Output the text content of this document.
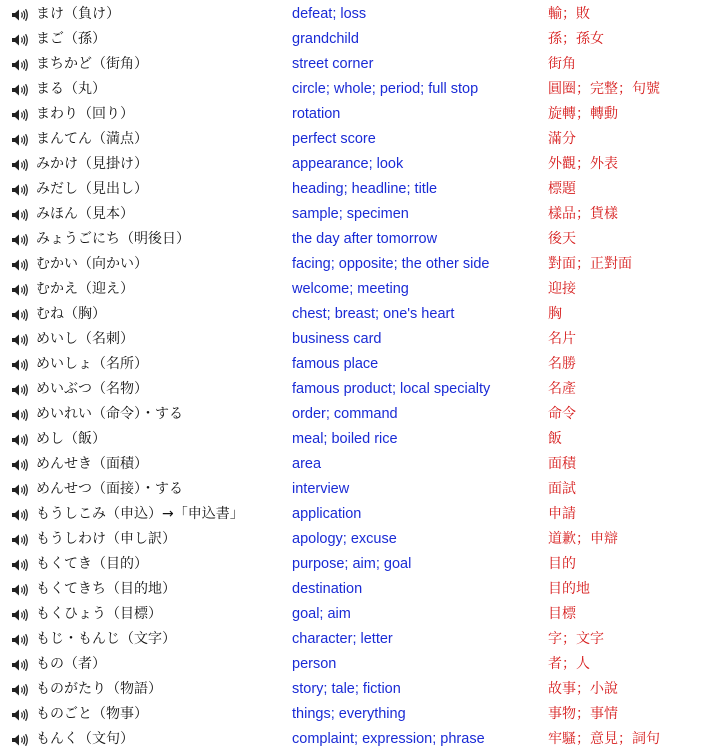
まけ（負け）	defeat; loss	輸；敗
まご（孫）	grandchild	孫；孫女
まちかど（街角）	street corner	街角
まる（丸）	circle; whole; period; full stop	圓圈；完整；句號
まわり（回り）	rotation	旋轉；轉動
まんてん（満点）	perfect score	滿分
みかけ（見掛け）	appearance; look	外觀；外表
みだし（見出し）	heading; headline; title	標題
みほん（見本）	sample; specimen	樣品；貨樣
みょうごにち（明後日）	the day after tomorrow	後天
むかい（向かい）	facing; opposite; the other side	對面；正對面
むかえ（迎え）	welcome; meeting	迎接
むね（胸）	chest; breast; one's heart	胸
めいし（名刺）	business card	名片
めいしょ（名所）	famous place	名勝
めいぶつ（名物）	famous product; local specialty	名產
めいれい（命令）・する	order; command	命令
めし（飯）	meal; boiled rice	飯
めんせき（面積）	area	面積
めんせつ（面接）・する	interview	面試
もうしこみ（申込）→「申込書」	application	申請
もうしわけ（申し訳）	apology; excuse	道歉；申辯
もくてき（目的）	purpose; aim; goal	目的
もくてきち（目的地）	destination	目的地
もくひょう（目標）	goal; aim	目標
もじ・もんじ（文字）	character; letter	字；文字
もの（者）	person	者；人
ものがたり（物語）	story; tale; fiction	故事；小說
ものごと（物事）	things; everything	事物；事情
もんく（文句）	complaint; expression; phrase	牢騷；意見；詞句
